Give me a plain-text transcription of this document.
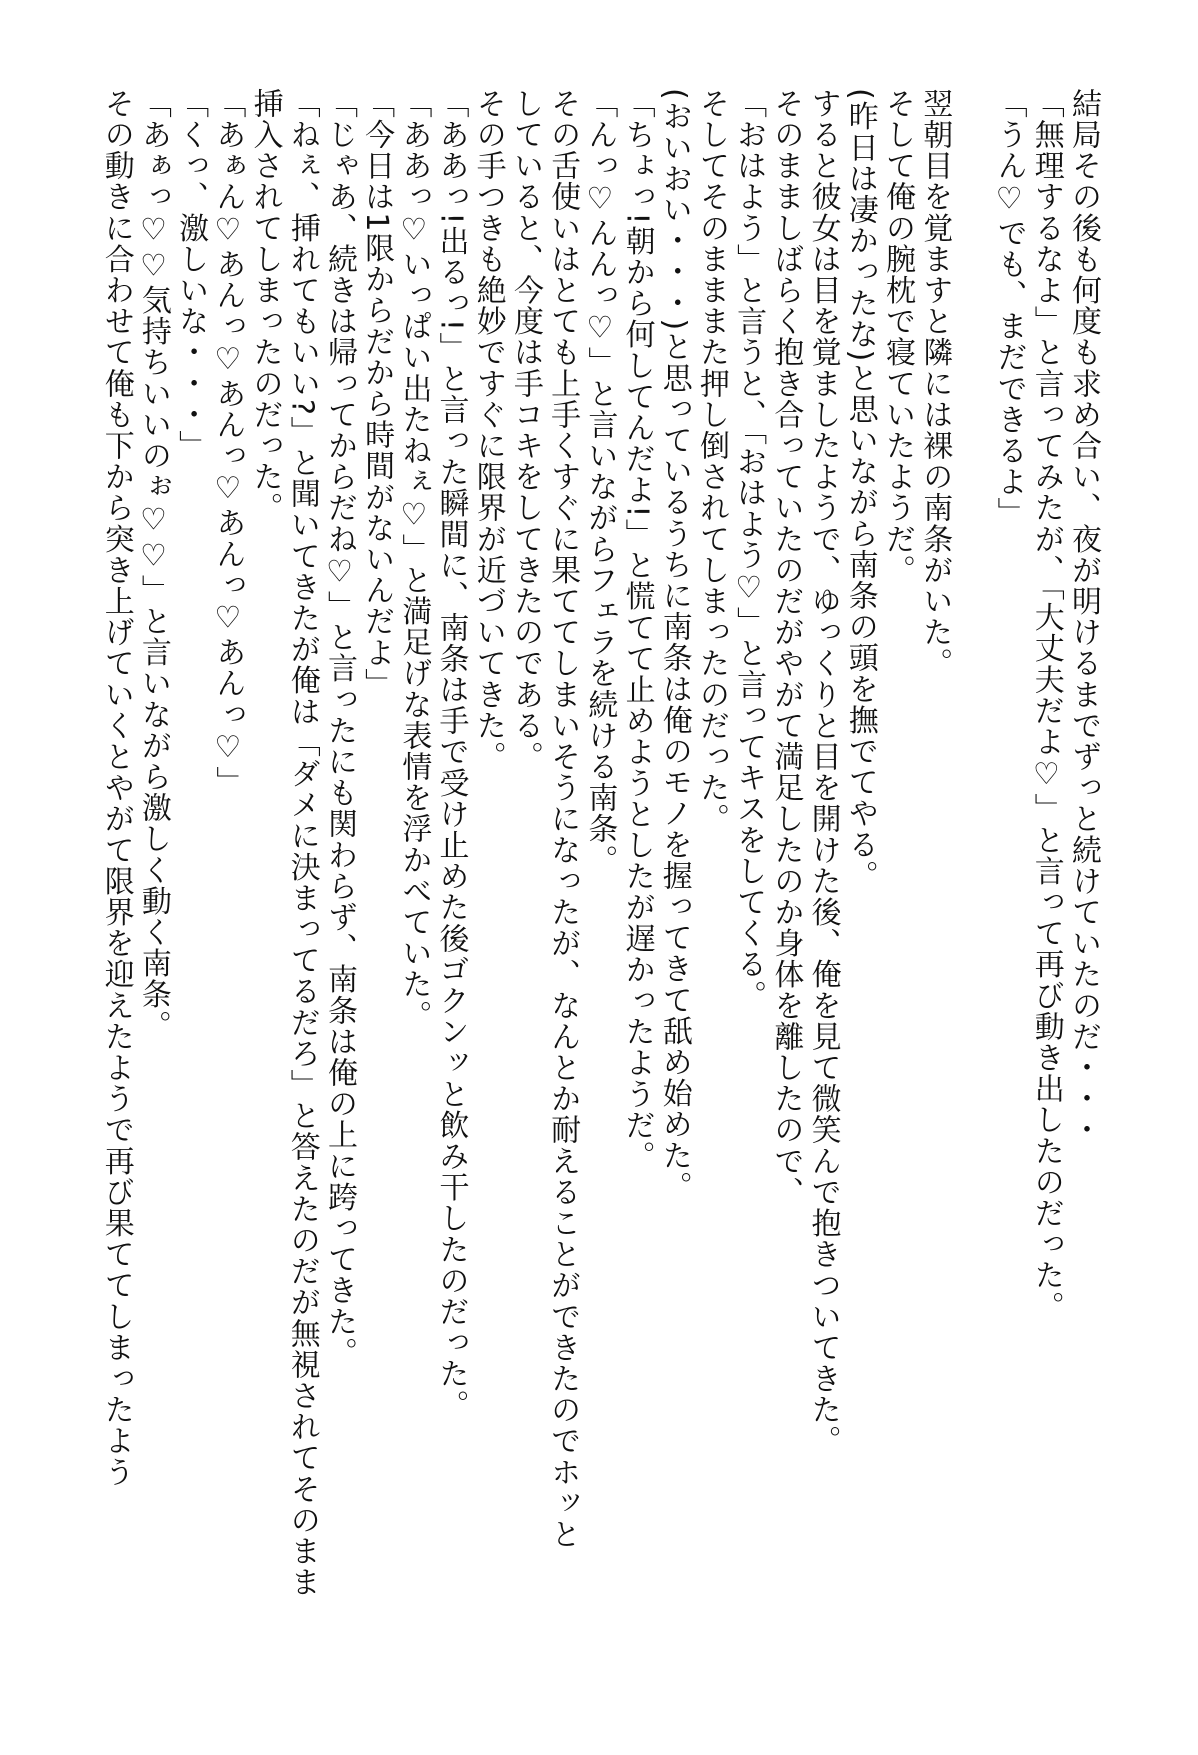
結局その後も何度も求め合い、夜が明けるまでずっと続けていたのだ・・・

「無理するなよ」と言ってみたが、「大丈夫だよ♡」と言って再び動き出したのだった。

「うん♡でも、まだできるよ」

翌朝目を覚ますと隣には裸の南条がいた。

そして俺の腕枕で寝ていたようだ。

(昨日は凄かったな)と思いながら南条の頭を撫でてやる。

すると彼女は目を覚ましたようで、ゆっくりと目を開けた後、俺を見て微笑んで抱きついてきた。

そのまましばらく抱き合っていたのだがやがて満足したのか身体を離したので、

「おはよう」と言うと、「おはよう♡」と言ってキスをしてくる。

そしてそのまままた押し倒されてしまったのだった。

(おいおい・・・)と思っているうちに南条は俺のモノを握ってきて舐め始めた。

「ちょっ!朝から何してんだよ!」と慌てて止めようとしたが遅かったようだ。

「んっ♡んんっ♡」と言いながらフェラを続ける南条。

その舌使いはとても上手くすぐに果ててしまいそうになったが、なんとか耐えることができたのでホッと

していると、今度は手コキをしてきたのである。

その手つきも絶妙ですぐに限界が近づいてきた。

「ああっ!出るっ!」と言った瞬間に、南条は手で受け止めた後ゴクンッと飲み干したのだった。

「ああっ♡いっぱい出たねぇ♡」と満足げな表情を浮かべていた。

「今日は1限からだから時間がないんだよ」

「じゃあ、続きは帰ってからだね♡」と言ったにも関わらず、南条は俺の上に跨ってきた。

「ねぇ、挿れてもいい?」と聞いてきたが俺は「ダメに決まってるだろ」と答えたのだが無視されてそのまま

挿入されてしまったのだった。

「あぁん♡あんっ♡あんっ♡あんっ♡あんっ♡」

「くっ、激しいな・・・」

「あぁっ♡♡気持ちいいのぉ♡♡」と言いながら激しく動く南条。

その動きに合わせて俺も下から突き上げていくとやがて限界を迎えたようで再び果ててしまったよう
